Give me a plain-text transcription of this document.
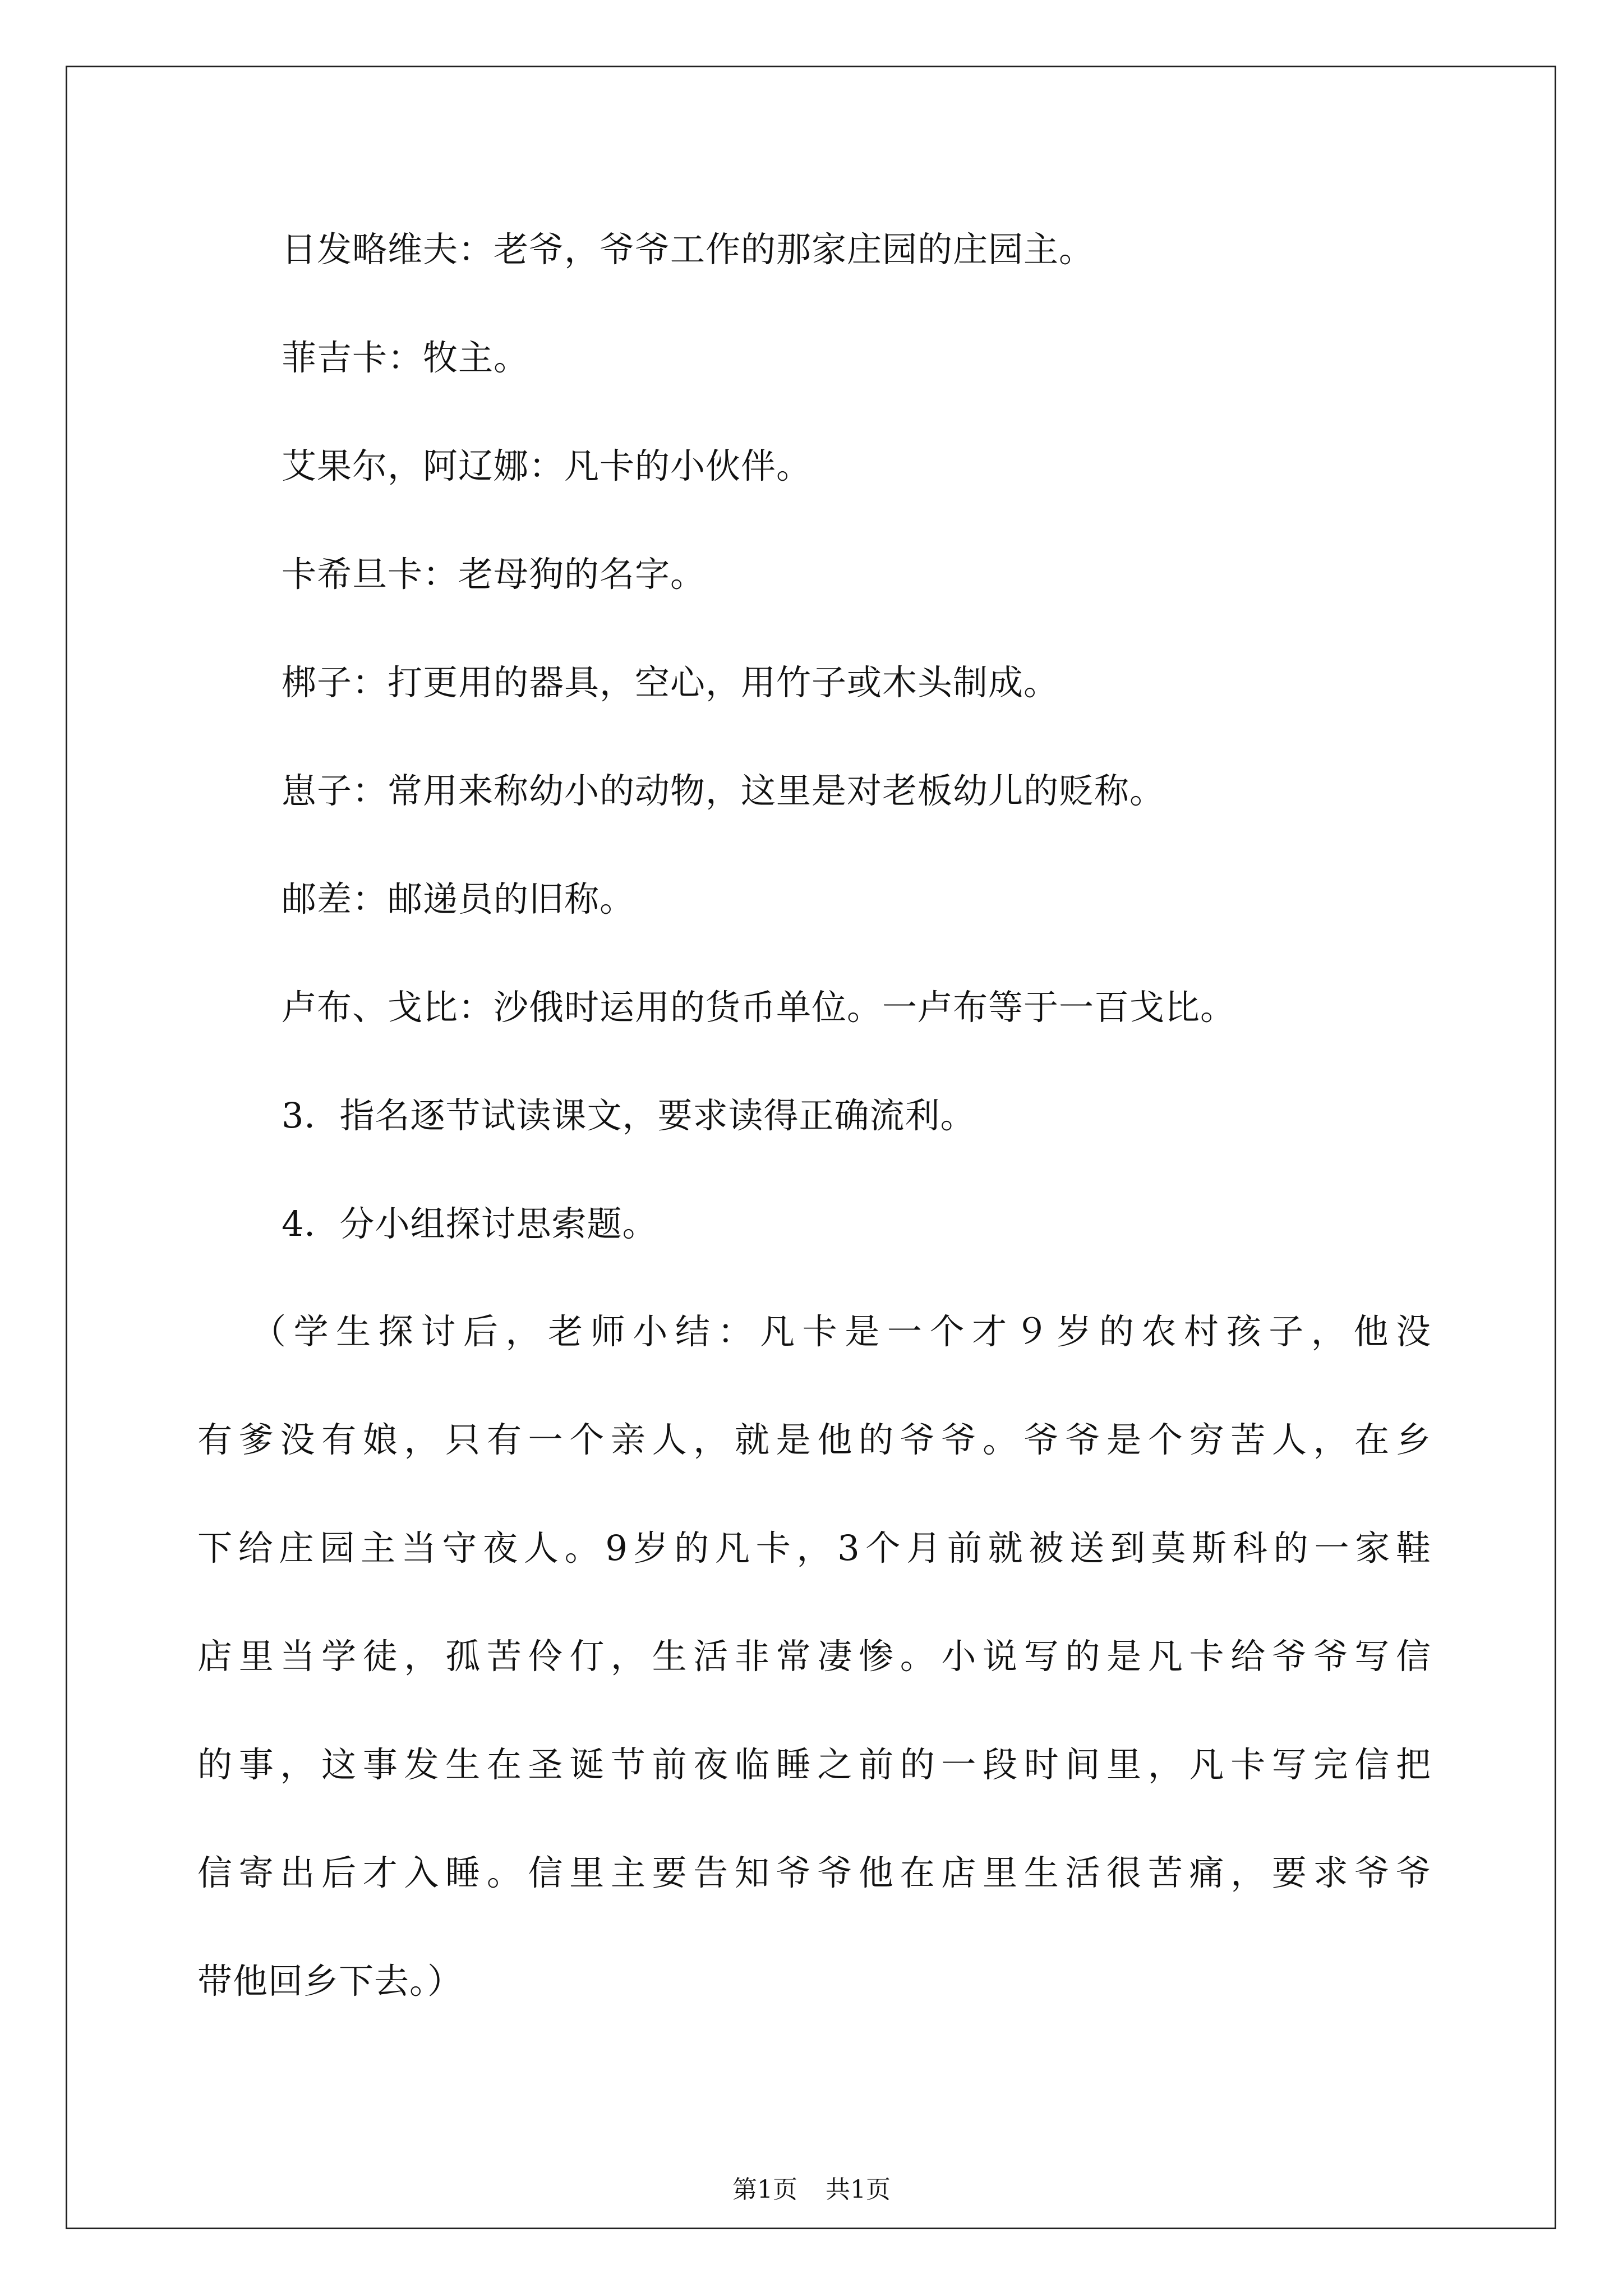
日发略维夫：老爷，爷爷工作的那家庄园的庄园主。
菲吉卡：牧主。
艾果尔，阿辽娜：凡卡的小伙伴。
卡希旦卡：老母狗的名字。
梆子：打更用的器具，空心，用竹子或木头制成。
崽子：常用来称幼小的动物，这里是对老板幼儿的贬称。
邮差：邮递员的旧称。
卢布、戈比：沙俄时运用的货币单位。一卢布等于一百戈比。
3．指名逐节试读课文，要求读得正确流利。
4．分小组探讨思索题。
（学生探讨后，老师小结：凡卡是一个才９岁的农村孩子，他没
有爹没有娘，只有一个亲人，就是他的爷爷。爷爷是个穷苦人，在乡
下给庄园主当守夜人。9岁的凡卡，3个月前就被送到莫斯科的一家鞋
店里当学徒，孤苦伶仃，生活非常凄惨。小说写的是凡卡给爷爷写信
的事，这事发生在圣诞节前夜临睡之前的一段时间里，凡卡写完信把
信寄出后才入睡。信里主要告知爷爷他在店里生活很苦痛，要求爷爷
带他回乡下去。）
第1页 共1页
